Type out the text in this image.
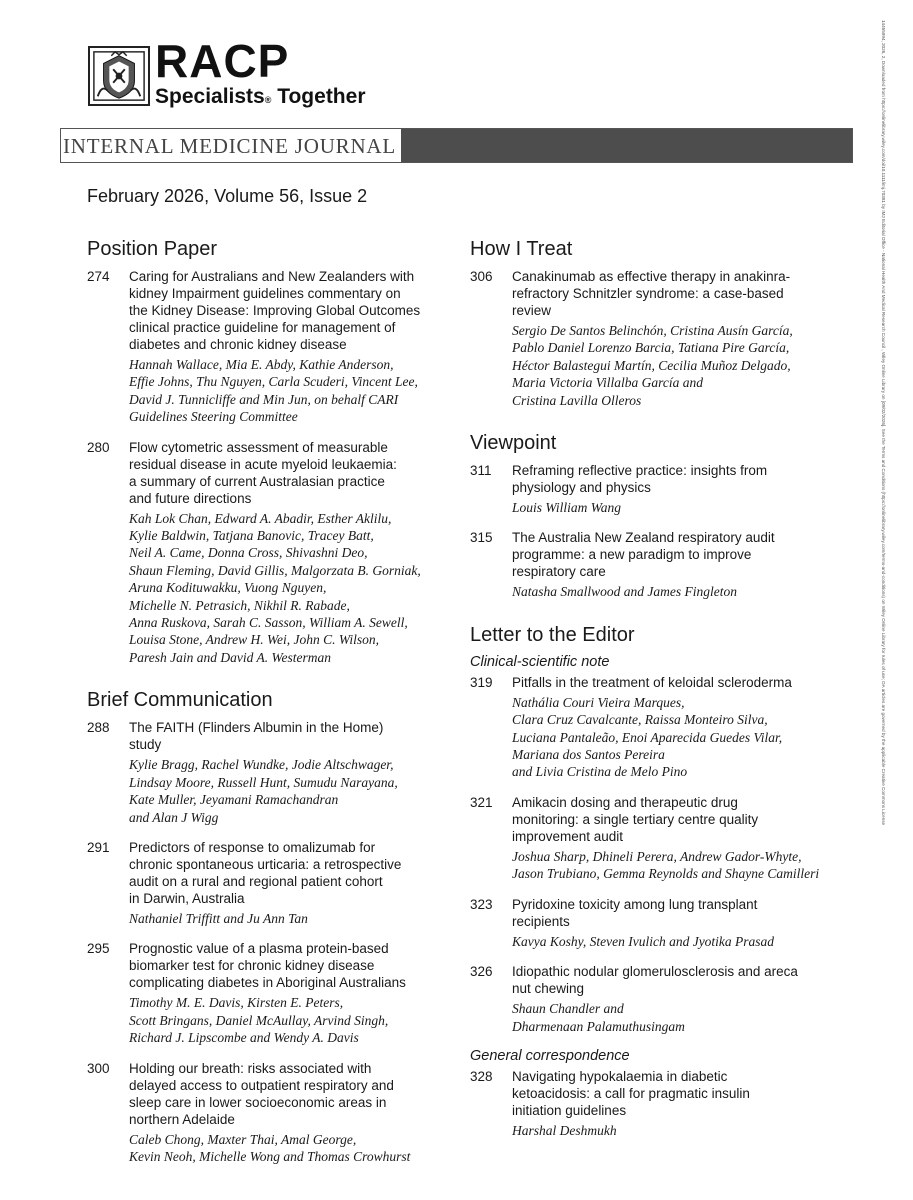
RACP
Specialists® Together
INTERNAL MEDICINE JOURNAL
February 2026, Volume 56, Issue 2
Position Paper
274	Caring for Australians and New Zealanders with
kidney Impairment guidelines commentary on
the Kidney Disease: Improving Global Outcomes
clinical practice guideline for management of
diabetes and chronic kidney disease
Hannah Wallace, Mia E. Abdy, Kathie Anderson,
Effie Johns, Thu Nguyen, Carla Scuderi, Vincent Lee,
David J. Tunnicliffe and Min Jun, on behalf CARI
Guidelines Steering Committee
280	Flow cytometric assessment of measurable
residual disease in acute myeloid leukaemia:
a summary of current Australasian practice
and future directions
Kah Lok Chan, Edward A. Abadir, Esther Aklilu,
Kylie Baldwin, Tatjana Banovic, Tracey Batt,
Neil A. Came, Donna Cross, Shivashni Deo,
Shaun Fleming, David Gillis, Malgorzata B. Gorniak,
Aruna Kodituwakku, Vuong Nguyen,
Michelle N. Petrasich, Nikhil R. Rabade,
Anna Ruskova, Sarah C. Sasson, William A. Sewell,
Louisa Stone, Andrew H. Wei, John C. Wilson,
Paresh Jain and David A. Westerman
Brief Communication
288	The FAITH (Flinders Albumin in the Home)
study
Kylie Bragg, Rachel Wundke, Jodie Altschwager,
Lindsay Moore, Russell Hunt, Sumudu Narayana,
Kate Muller, Jeyamani Ramachandran
and Alan J Wigg
291	Predictors of response to omalizumab for
chronic spontaneous urticaria: a retrospective
audit on a rural and regional patient cohort
in Darwin, Australia
Nathaniel Triffitt and Ju Ann Tan
295	Prognostic value of a plasma protein-based
biomarker test for chronic kidney disease
complicating diabetes in Aboriginal Australians
Timothy M. E. Davis, Kirsten E. Peters,
Scott Bringans, Daniel McAullay, Arvind Singh,
Richard J. Lipscombe and Wendy A. Davis
300	Holding our breath: risks associated with
delayed access to outpatient respiratory and
sleep care in lower socioeconomic areas in
northern Adelaide
Caleb Chong, Maxter Thai, Amal George,
Kevin Neoh, Michelle Wong and Thomas Crowhurst
How I Treat
306	Canakinumab as effective therapy in anakinra-
refractory Schnitzler syndrome: a case-based
review
Sergio De Santos Belinchón, Cristina Ausín García,
Pablo Daniel Lorenzo Barcia, Tatiana Pire García,
Héctor Balastegui Martín, Cecilia Muñoz Delgado,
Maria Victoria Villalba García and
Cristina Lavilla Olleros
Viewpoint
311	Reframing reflective practice: insights from
physiology and physics
Louis William Wang
315	The Australia New Zealand respiratory audit
programme: a new paradigm to improve
respiratory care
Natasha Smallwood and James Fingleton
Letter to the Editor
Clinical-scientific note
319	Pitfalls in the treatment of keloidal scleroderma
Nathália Couri Vieira Marques,
Clara Cruz Cavalcante, Raissa Monteiro Silva,
Luciana Pantaleão, Enoi Aparecida Guedes Vilar,
Mariana dos Santos Pereira
and Livia Cristina de Melo Pino
321	Amikacin dosing and therapeutic drug
monitoring: a single tertiary centre quality
improvement audit
Joshua Sharp, Dhineli Perera, Andrew Gador-Whyte,
Jason Trubiano, Gemma Reynolds and Shayne Camilleri
323	Pyridoxine toxicity among lung transplant
recipients
Kavya Koshy, Steven Ivulich and Jyotika Prasad
326	Idiopathic nodular glomerulosclerosis and areca
nut chewing
Shaun Chandler and
Dharmenaan Palamuthusingam
General correspondence
328	Navigating hypokalaemia in diabetic
ketoacidosis: a call for pragmatic insulin
initiation guidelines
Harshal Deshmukh
14455994, 2026, 2, Downloaded from https://onlinelibrary.wiley.com/doi/10.1111/imj.70381 by IMJ Editorial Office - National Health And Medical Research Council , Wiley Online Library on [09/02/2026]. See the Terms and Conditions (https://onlinelibrary.wiley.com/terms-and-conditions) on Wiley Online Library for rules of use; OA articles are governed by the applicable Creative Commons License
